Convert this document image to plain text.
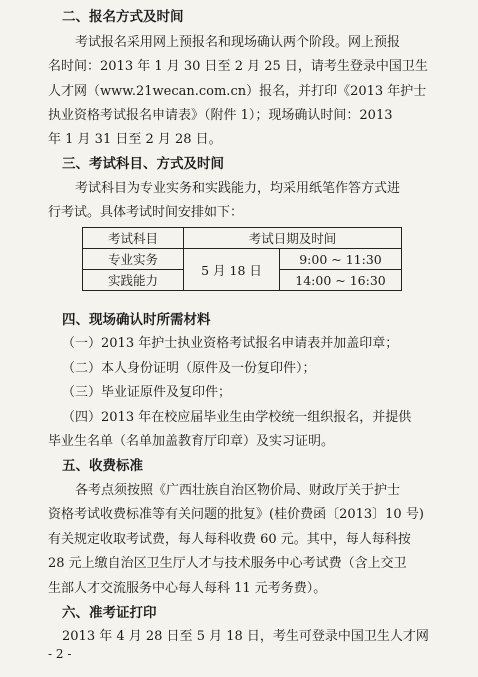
二、报名方式及时间
考试报名采用网上预报名和现场确认两个阶段。网上预报
名时间：2013 年 1 月 30 日至 2 月 25 日，请考生登录中国卫生
人才网（www.21wecan.com.cn）报名，并打印《2013 年护士
执业资格考试报名申请表》（附件 1）；现场确认时间：2013
年 1 月 31 日至 2 月 28 日。
三、考试科目、方式及时间
考试科目为专业实务和实践能力，均采用纸笔作答方式进
行考试。具体考试时间安排如下：
考试科目	考试日期及时间	
专业实务	5 月 18 日	9:00 ~ 11:30
实践能力		14:00 ~ 16:30
四、现场确认时所需材料
（一）2013 年护士执业资格考试报名申请表并加盖印章；
（二）本人身份证明（原件及一份复印件）；
（三）毕业证原件及复印件；
（四）2013 年在校应届毕业生由学校统一组织报名，并提供
毕业生名单（名单加盖教育厅印章）及实习证明。
五、收费标准
各考点须按照《广西壮族自治区物价局、财政厅关于护士
资格考试收费标准等有关问题的批复》(桂价费函〔2013〕10 号)
有关规定收取考试费，每人每科收费 60 元。其中，每人每科按
28 元上缴自治区卫生厅人才与技术服务中心考试费（含上交卫
生部人才交流服务中心每人每科 11 元考务费）。
六、准考证打印
2013 年 4 月 28 日至 5 月 18 日，考生可登录中国卫生人才网
- 2 -
